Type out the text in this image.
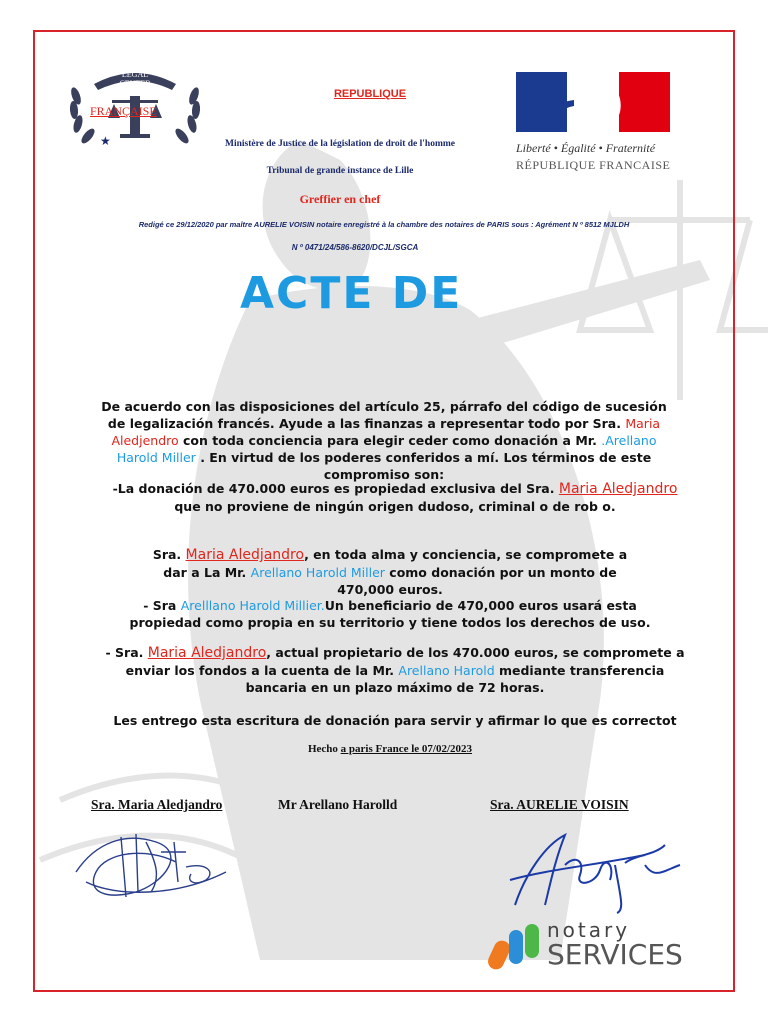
LEGAL
CENTER
FRANÇAISE
★	Liberté • Égalité • Fraternité
RÉPUBLIQUE FRANCAISE
REPUBLIQUE
Ministère de Justice de la législation de droit de l'homme
Tribunal de grande instance de Lille
Greffier en chef
Redigé ce 29/12/2020 par maître AURELIE VOISIN notaire enregistré à la chambre des notaires de PARIS sous : Agrément N º 8512 MJLDH
N º 0471/24/586-8620/DCJL/SGCA
ACTE DE
De acuerdo con las disposiciones del artículo 25, párrafo del código de sucesión de legalización francés. Ayude a las finanzas a representar todo por Sra. Maria Aledjendro con toda conciencia para elegir ceder como donación a Mr. .Arellano Harold Miller . En virtud de los poderes conferidos a mí. Los términos de este compromiso son:
-La donación de 470.000 euros es propiedad exclusiva del Sra. Maria Aledjandro que no proviene de ningún origen dudoso, criminal o de rob o.
Sra. Maria Aledjandro, en toda alma y conciencia, se compromete a dar a La Mr. Arellano Harold Miller como donación por un monto de 470,000 euros.
- Sra Arelllano Harold Millier.Un beneficiario de 470,000 euros usará esta propiedad como propia en su territorio y tiene todos los derechos de uso.
- Sra. Maria Aledjandro, actual propietario de los 470.000 euros, se compromete a enviar los fondos a la cuenta de la Mr. Arellano Harold mediante transferencia bancaria en un plazo máximo de 72 horas.
Les entrego esta escritura de donación para servir y afirmar lo que es correctot
Hecho a paris France le 07/02/2023
Sra. Maria Aledjandro	Mr Arellano Harolld	Sra. AURELIE VOISIN
notary
SERVICES
